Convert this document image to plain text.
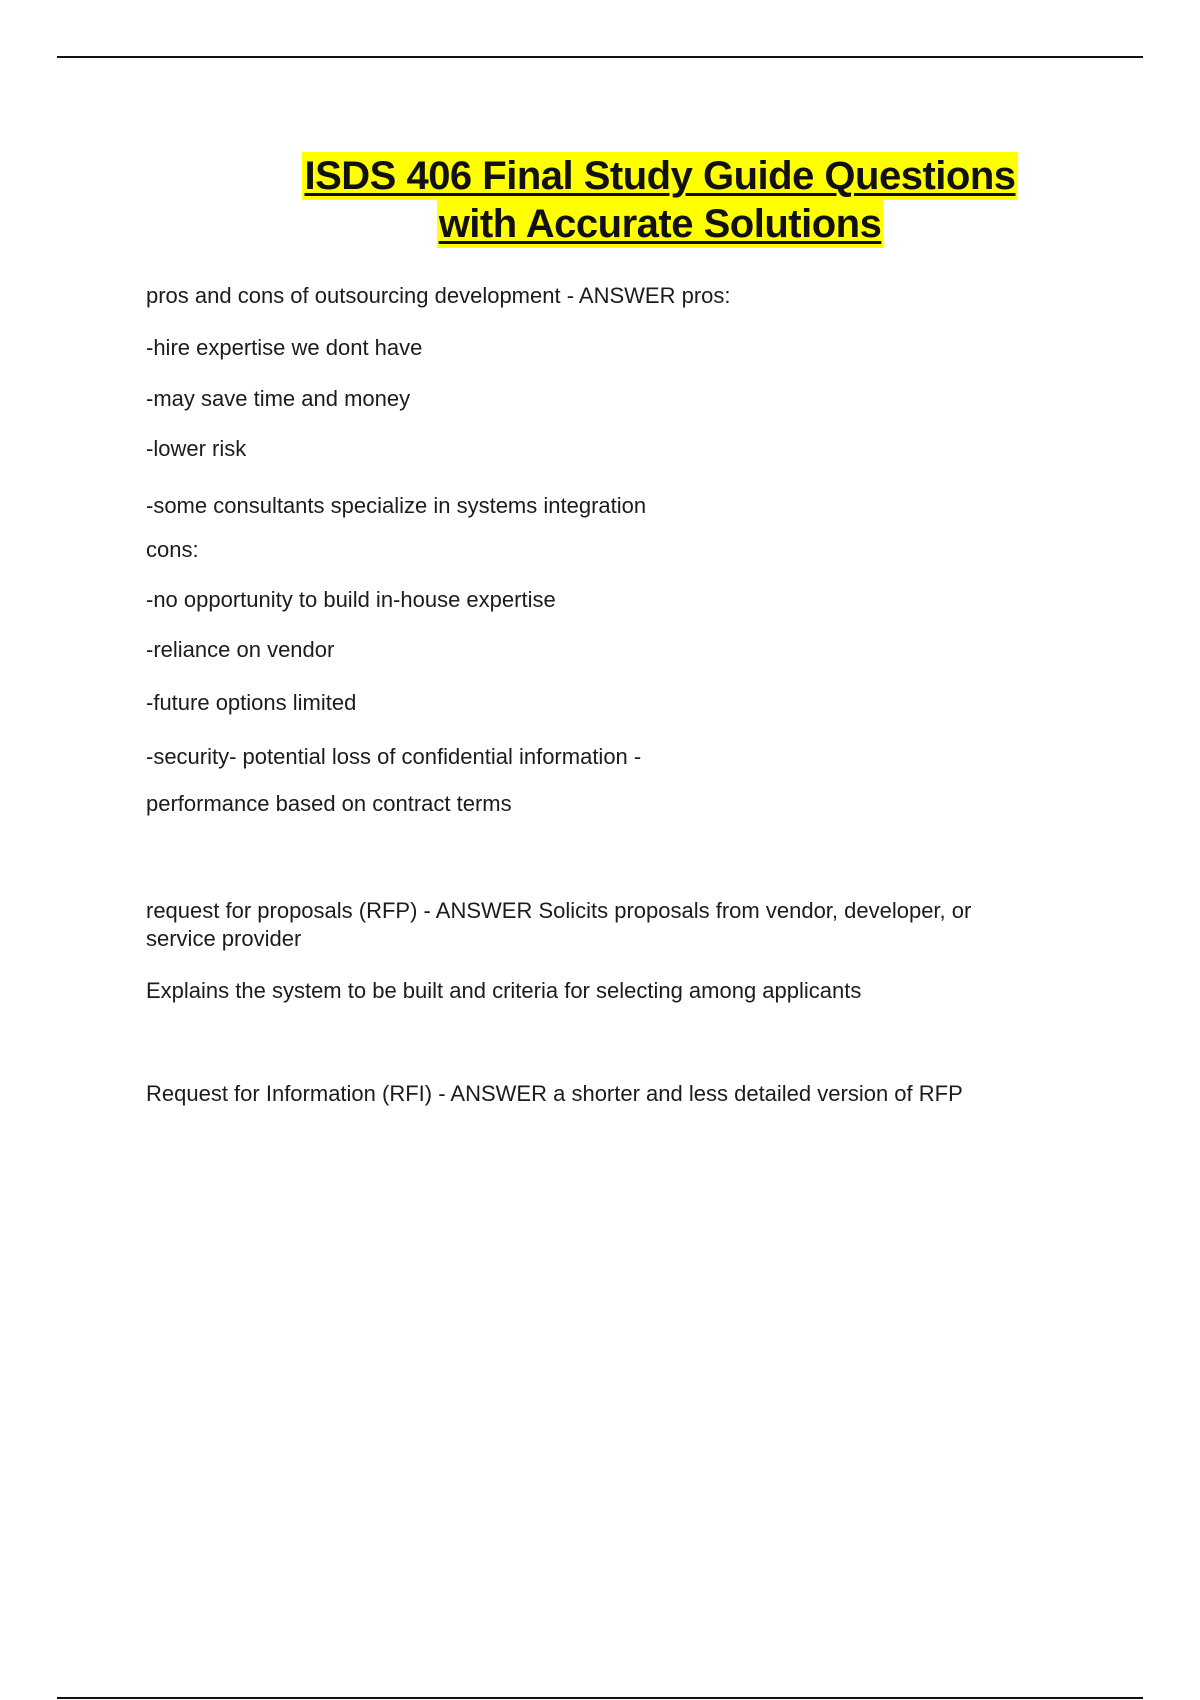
ISDS 406 Final Study Guide Questions
with Accurate Solutions
pros and cons of outsourcing development - ANSWER pros:
-hire expertise we dont have
-may save time and money
-lower risk
-some consultants specialize in systems integration
cons:
-no opportunity to build in-house expertise
-reliance on vendor
-future options limited
-security- potential loss of confidential information -
performance based on contract terms
request for proposals (RFP) - ANSWER Solicits proposals from vendor, developer, or service provider
Explains the system to be built and criteria for selecting among applicants
Request for Information (RFI) - ANSWER a shorter and less detailed version of RFP
